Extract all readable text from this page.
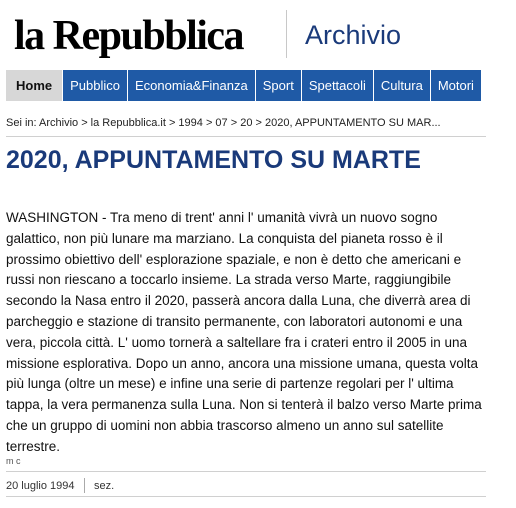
la Repubblica Archivio
Home	Pubblico	Economia&Finanza	Sport	Spettacoli	Cultura	Motori
Sei in: Archivio > la Repubblica.it > 1994 > 07 > 20 > 2020, APPUNTAMENTO SU MAR...
2020, APPUNTAMENTO SU MARTE

WASHINGTON - Tra meno di trent' anni l' umanità vivrà un nuovo sogno galattico, non più lunare ma marziano. La conquista del pianeta rosso è il prossimo obiettivo dell' esplorazione spaziale, e non è detto che americani e russi non riescano a toccarlo insieme. La strada verso Marte, raggiungibile secondo la Nasa entro il 2020, passerà ancora dalla Luna, che diverrà area di parcheggio e stazione di transito permanente, con laboratori autonomi e una vera, piccola città. L' uomo tornerà a saltellare fra i crateri entro il 2005 in una missione esplorativa. Dopo un anno, ancora una missione umana, questa volta più lunga (oltre un mese) e infine una serie di partenze regolari per l' ultima tappa, la vera permanenza sulla Luna. Non si tenterà il balzo verso Marte prima che un gruppo di uomini non abbia trascorso almeno un anno sul satellite terrestre.

m c
20 luglio 1994 sez.
